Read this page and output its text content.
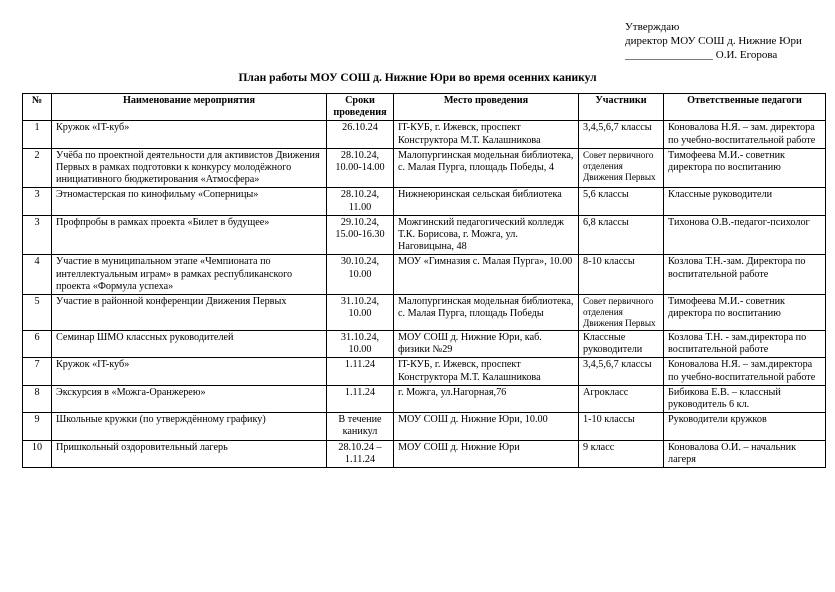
Утверждаю
директор МОУ СОШ д. Нижние Юри
________________ О.И. Егорова
План работы МОУ СОШ д. Нижние Юри во время осенних каникул
№	Наименование мероприятия	Сроки проведения	Место проведения	Участники	Ответственные педагоги
1	Кружок «IT-куб»	26.10.24	IT-КУБ, г. Ижевск, проспект Конструктора М.Т. Калашникова	3,4,5,6,7 классы	Коновалова Н.Я. – зам. директора по учебно-воспитательной работе
2	Учёба по проектной деятельности для активистов Движения Первых в рамках подготовки к конкурсу молодёжного инициативного бюджетирования «Атмосфера»	28.10.24, 10.00-14.00	Малопургинская модельная библиотека, с. Малая Пурга, площадь Победы, 4	Совет первичного отделения Движения Первых	Тимофеева М.И.- советник директора по воспитанию
3	Этномастерская по кинофильму «Соперницы»	28.10.24, 11.00	Нижнеюринская сельская библиотека	5,6 классы	Классные руководители
3	Профпробы в рамках проекта «Билет в будущее»	29.10.24, 15.00-16.30	Можгинский педагогический колледж Т.К. Борисова, г. Можга, ул. Наговицына, 48	6,8 классы	Тихонова О.В.-педагог-психолог
4	Участие в муниципальном этапе «Чемпионата по интеллектуальным играм» в рамках республиканского проекта «Формула успеха»	30.10.24, 10.00	МОУ «Гимназия с. Малая Пурга», 10.00	8-10 классы	Козлова Т.Н.-зам. Директора по воспитательной работе
5	Участие в районной конференции Движения Первых	31.10.24, 10.00	Малопургинская модельная библиотека, с. Малая Пурга, площадь Победы	Совет первичного отделения Движения Первых	Тимофеева М.И.- советник директора по воспитанию
6	Семинар ШМО классных руководителей	31.10.24, 10.00	МОУ СОШ д. Нижние Юри, каб. физики №29	Классные руководители	Козлова Т.Н. - зам.директора по воспитательной работе
7	Кружок «IT-куб»	1.11.24	IT-КУБ, г. Ижевск, проспект Конструктора М.Т. Калашникова	3,4,5,6,7 классы	Коновалова Н.Я. – зам.директора по учебно-воспитательной работе
8	Экскурсия в «Можга-Оранжерею»	1.11.24	г. Можга, ул.Нагорная,76	Агрокласс	Бибикова Е.В. – классный руководитель 6 кл.
9	Школьные кружки (по утверждённому графику)	В течение каникул	МОУ СОШ д. Нижние Юри, 10.00	1-10 классы	Руководители кружков
10	Пришкольный оздоровительный лагерь	28.10.24 – 1.11.24	МОУ СОШ д. Нижние Юри	9 класс	Коновалова О.И. – начальник лагеря
